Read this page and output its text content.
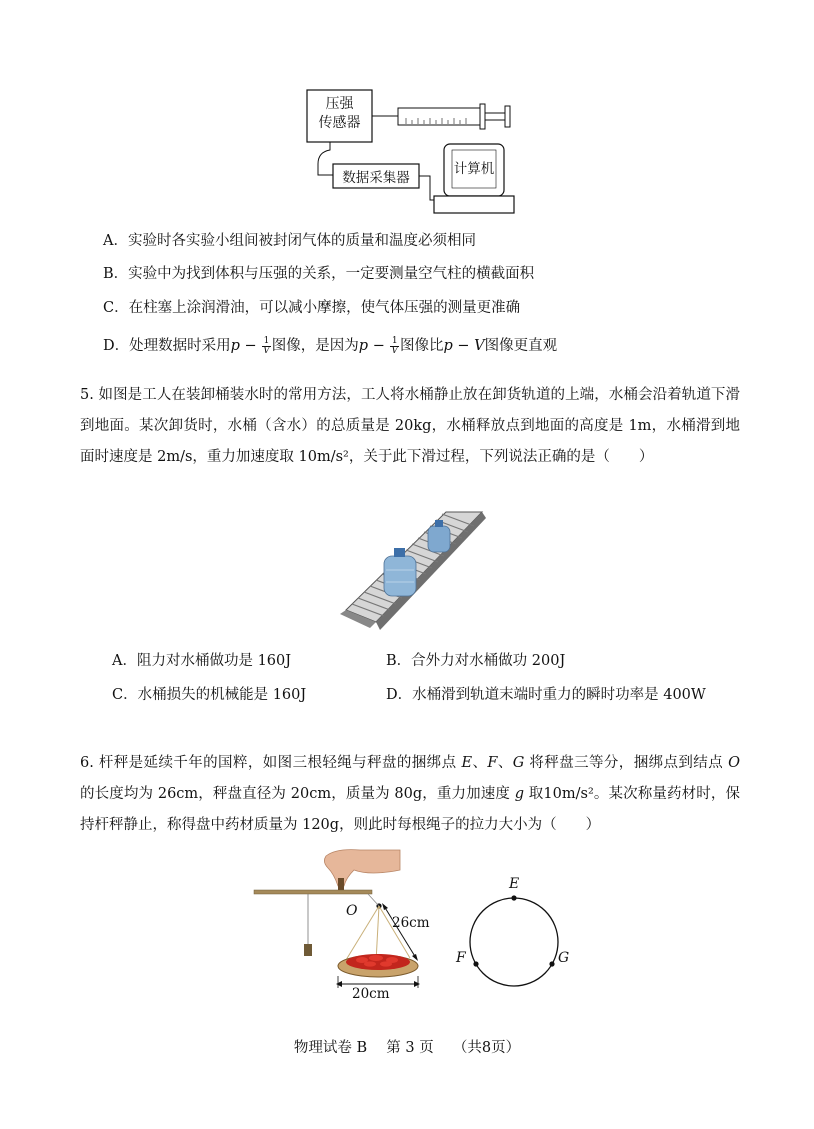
压强
传感器
数据采集器
计算机
A．实验时各实验小组间被封闭气体的质量和温度必须相同
B．实验中为找到体积与压强的关系，一定要测量空气柱的横截面积
C．在柱塞上涂润滑油，可以减小摩擦，使气体压强的测量更准确
D．处理数据时采用$p - \frac{1}{V}$ 图像，是因为$p - \frac{1}{V}$ 图像比p − V图像更直观
5. 如图是工人在装卸桶装水时的常用方法，工人将水桶静止放在卸货轨道的上端，水桶会沿着轨道下滑到地面。某次卸货时，水桶（含水）的总质量是 20kg，水桶释放点到地面的高度是 1m，水桶滑到地面时速度是 2m/s，重力加速度取 10m/s²，关于此下滑过程，下列说法正确的是（　　）
A．阻力对水桶做功是 160J	B．合外力对水桶做功 200J
C．水桶损失的机械能是 160J	D．水桶滑到轨道末端时重力的瞬时功率是 400W
6. 杆秤是延续千年的国粹，如图三根轻绳与秤盘的捆绑点 E、F、G 将秤盘三等分，捆绑点到结点 O 的长度均为 26cm，秤盘直径为 20cm，质量为 80g，重力加速度 g 取10m/s²。某次称量药材时，保持杆秤静止，称得盘中药材质量为 120g，则此时每根绳子的拉力大小为（　　）
O
26cm
20cm
E
F	G
物理试卷 B　 第 3 页　 （共8页）
